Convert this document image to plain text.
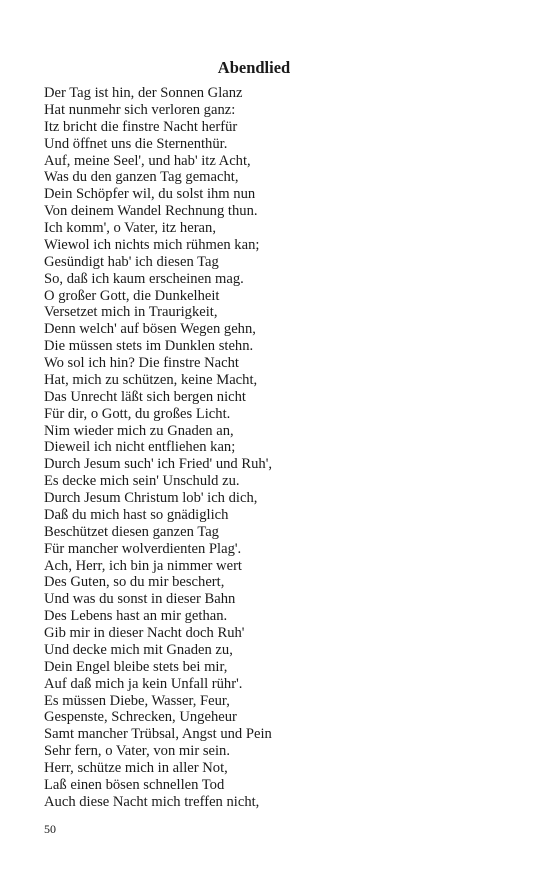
Abendlied
Der Tag ist hin, der Sonnen Glanz
Hat nunmehr sich verloren ganz:
Itz bricht die finstre Nacht herfür
Und öffnet uns die Sternenthür.
Auf, meine Seel', und hab' itz Acht,
Was du den ganzen Tag gemacht,
Dein Schöpfer wil, du solst ihm nun
Von deinem Wandel Rechnung thun.
Ich komm', o Vater, itz heran,
Wiewol ich nichts mich rühmen kan;
Gesündigt hab' ich diesen Tag
So, daß ich kaum erscheinen mag.
O großer Gott, die Dunkelheit
Versetzet mich in Traurigkeit,
Denn welch' auf bösen Wegen gehn,
Die müssen stets im Dunklen stehn.
Wo sol ich hin? Die finstre Nacht
Hat, mich zu schützen, keine Macht,
Das Unrecht läßt sich bergen nicht
Für dir, o Gott, du großes Licht.
Nim wieder mich zu Gnaden an,
Dieweil ich nicht entfliehen kan;
Durch Jesum such' ich Fried' und Ruh',
Es decke mich sein' Unschuld zu.
Durch Jesum Christum lob' ich dich,
Daß du mich hast so gnädiglich
Beschützet diesen ganzen Tag
Für mancher wolverdienten Plag'.
Ach, Herr, ich bin ja nimmer wert
Des Guten, so du mir beschert,
Und was du sonst in dieser Bahn
Des Lebens hast an mir gethan.
Gib mir in dieser Nacht doch Ruh'
Und decke mich mit Gnaden zu,
Dein Engel bleibe stets bei mir,
Auf daß mich ja kein Unfall rühr'.
Es müssen Diebe, Wasser, Feur,
Gespenste, Schrecken, Ungeheur
Samt mancher Trübsal, Angst und Pein
Sehr fern, o Vater, von mir sein.
Herr, schütze mich in aller Not,
Laß einen bösen schnellen Tod
Auch diese Nacht mich treffen nicht,
50
